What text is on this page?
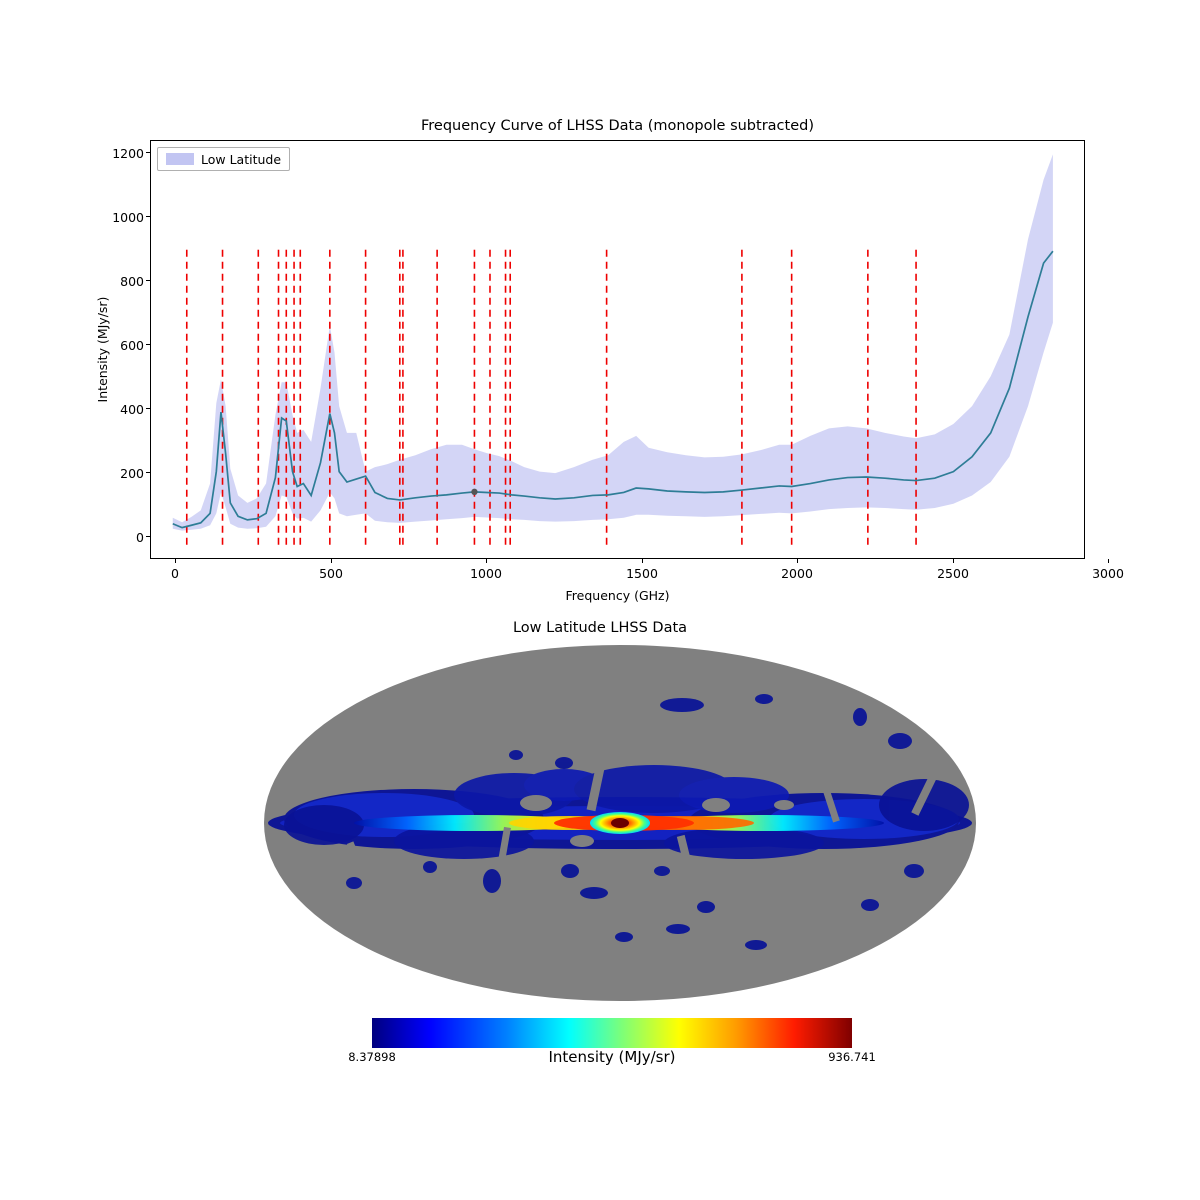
Frequency Curve of LHSS Data (monopole subtracted)
Intensity (MJy/sr)
Frequency (GHz)
0
200
400
600
800
1000
1200
0	500	1000	1500	2000	2500	3000
Low Latitude
Low Latitude LHSS Data
8.37898	936.741
Intensity (MJy/sr)
